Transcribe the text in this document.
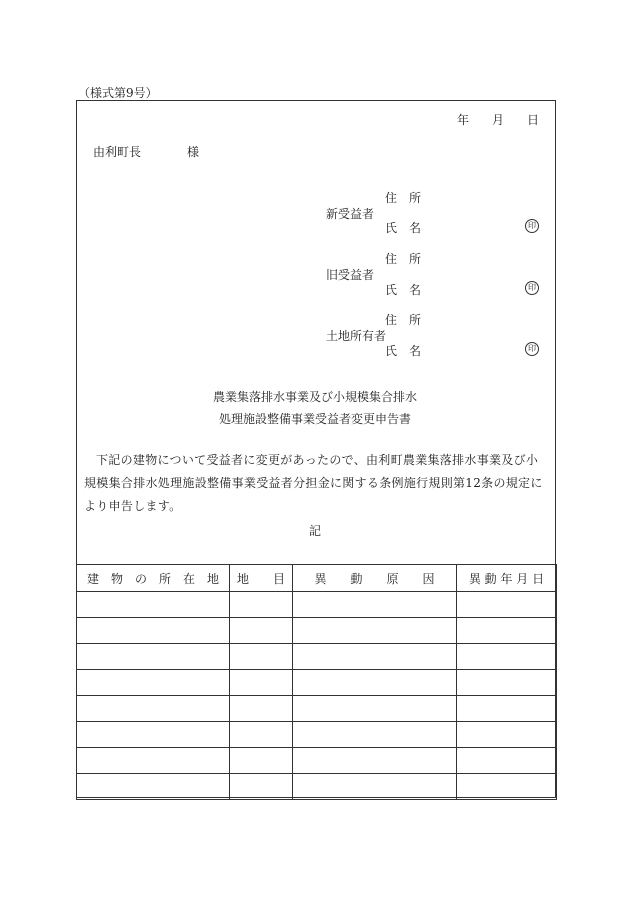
（様式第9号）
年 月 日
由利町長	様
住　所
新受益者
氏　名	印
住　所
旧受益者
氏　名	印
住　所
土地所有者
氏　名	印
農業集落排水事業及び小規模集合排水
処理施設整備事業受益者変更申告書
下記の建物について受益者に変更があったので、由利町農業集落排水事業及び小規模集合排水処理施設整備事業受益者分担金に関する条例施行規則第12条の規定により申告します。
記
建　物　の　所　在　地	地　　目	異　　動　　原　　因	異 動 年 月 日
